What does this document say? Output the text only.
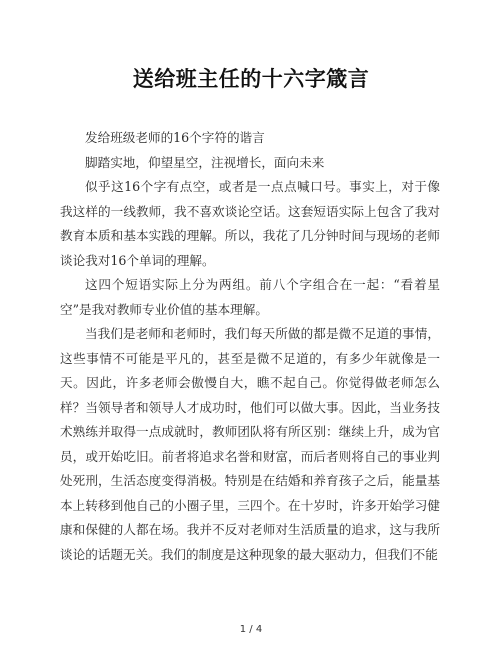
送给班主任的十六字箴言

发给班级老师的16个字符的谐言

脚踏实地，仰望星空，注视增长，面向未来

似乎这16个字有点空，或者是一点点喊口号。事实上，对于像我这样的一线教师，我不喜欢谈论空话。这套短语实际上包含了我对教育本质和基本实践的理解。所以，我花了几分钟时间与现场的老师谈论我对16个单词的理解。

这四个短语实际上分为两组。前八个字组合在一起：“看着星空”是我对教师专业价值的基本理解。

当我们是老师和老师时，我们每天所做的都是微不足道的事情，这些事情不可能是平凡的，甚至是微不足道的，有多少年就像是一天。因此，许多老师会傲慢自大，瞧不起自己。你觉得做老师怎么样？当领导者和领导人才成功时，他们可以做大事。因此，当业务技术熟练并取得一点成就时，教师团队将有所区别：继续上升，成为官员，或开始吃旧。前者将追求名誉和财富，而后者则将自己的事业判处死刑，生活态度变得消极。特别是在结婚和养育孩子之后，能量基本上转移到他自己的小圈子里，三四个。在十岁时，许多开始学习健康和保健的人都在场。我并不反对老师对生活质量的追求，这与我所谈论的话题无关。我们的制度是这种现象的最大驱动力，但我们不能

1 / 4
